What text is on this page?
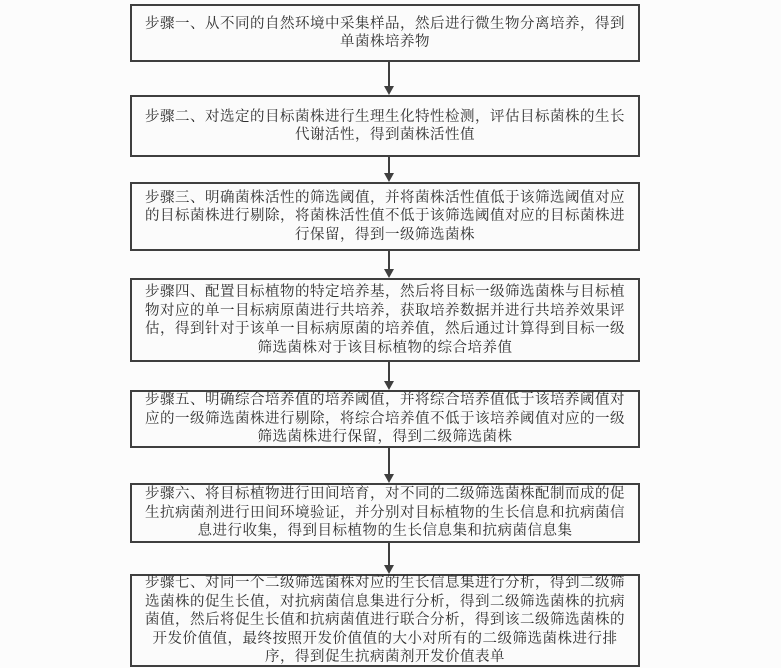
步骤一、从不同的自然环境中采集样品，然后进行微生物分离培养，得到单菌株培养物
步骤二、对选定的目标菌株进行生理生化特性检测，评估目标菌株的生长代谢活性，得到菌株活性值
步骤三、明确菌株活性的筛选阈值，并将菌株活性值低于该筛选阈值对应的目标菌株进行剔除，将菌株活性值不低于该筛选阈值对应的目标菌株进行保留，得到一级筛选菌株
步骤四、配置目标植物的特定培养基，然后将目标一级筛选菌株与目标植物对应的单一目标病原菌进行共培养，获取培养数据并进行共培养效果评估，得到针对于该单一目标病原菌的培养值，然后通过计算得到目标一级筛选菌株对于该目标植物的综合培养值
步骤五、明确综合培养值的培养阈值，并将综合培养值低于该培养阈值对应的一级筛选菌株进行剔除，将综合培养值不低于该培养阈值对应的一级筛选菌株进行保留，得到二级筛选菌株
步骤六、将目标植物进行田间培育，对不同的二级筛选菌株配制而成的促生抗病菌剂进行田间环境验证，并分别对目标植物的生长信息和抗病菌信息进行收集，得到目标植物的生长信息集和抗病菌信息集
步骤七、对同一个二级筛选菌株对应的生长信息集进行分析，得到二级筛选菌株的促生长值，对抗病菌信息集进行分析，得到二级筛选菌株的抗病菌值，然后将促生长值和抗病菌值进行联合分析，得到该二级筛选菌株的开发价值值，最终按照开发价值值的大小对所有的二级筛选菌株进行排序，得到促生抗病菌剂开发价值表单
